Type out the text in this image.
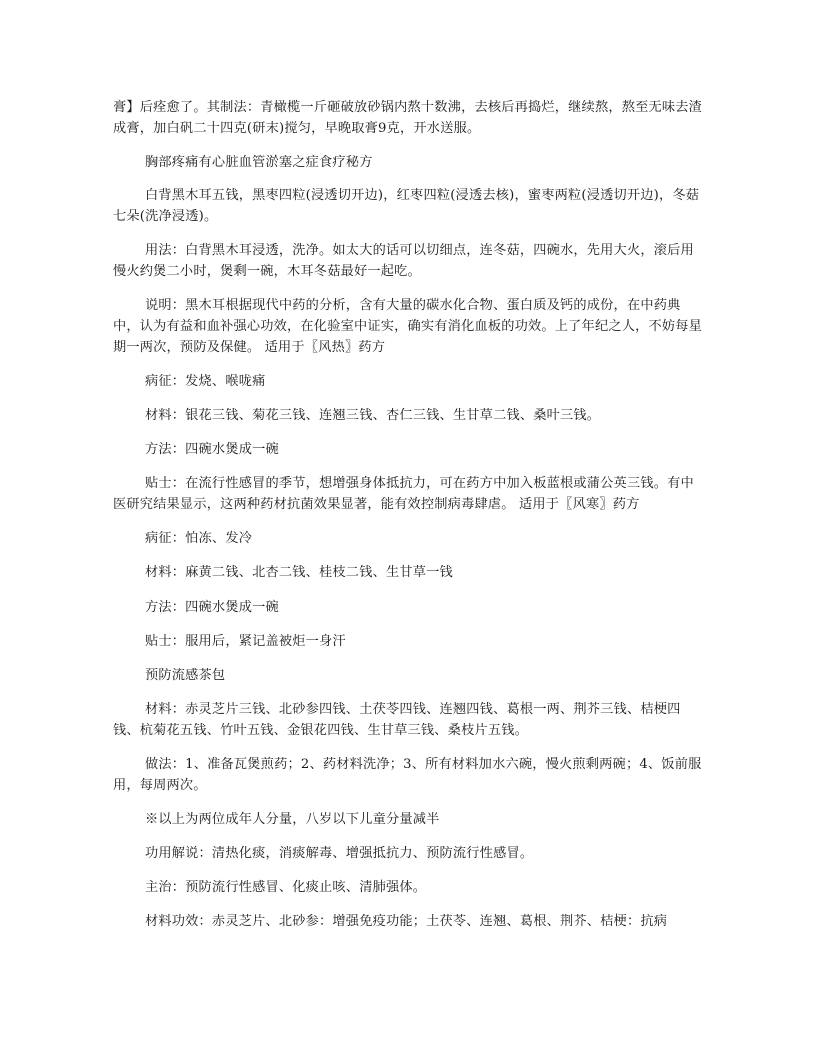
膏】后痊愈了。其制法：青橄榄一斤砸破放砂锅内熬十数沸，去核后再捣烂，继续熬，熬至无味去渣成膏，加白矾二十四克(研末)搅匀，早晚取膏9克，开水送服。

胸部疼痛有心脏血管淤塞之症食疗秘方

白背黑木耳五钱，黑枣四粒(浸透切开边)，红枣四粒(浸透去核)，蜜枣两粒(浸透切开边)，冬菇七朵(洗净浸透)。

用法：白背黑木耳浸透，洗净。如太大的话可以切细点，连冬菇，四碗水，先用大火，滚后用慢火约煲二小时，煲剩一碗，木耳冬菇最好一起吃。

说明：黑木耳根据现代中药的分析，含有大量的碳水化合物、蛋白质及钙的成份，在中药典中，认为有益和血补强心功效，在化验室中证实，确实有消化血板的功效。上了年纪之人，不妨每星期一两次，预防及保健。 适用于〖风热〗药方

病征：发烧、喉咙痛

材料：银花三钱、菊花三钱、连翘三钱、杏仁三钱、生甘草二钱、桑叶三钱。

方法：四碗水煲成一碗

贴士：在流行性感冒的季节，想增强身体抵抗力，可在药方中加入板蓝根或蒲公英三钱。有中医研究结果显示，这两种药材抗菌效果显著，能有效控制病毒肆虐。 适用于〖风寒〗药方

病征：怕冻、发冷

材料：麻黄二钱、北杏二钱、桂枝二钱、生甘草一钱

方法：四碗水煲成一碗

贴士：服用后，紧记盖被炬一身汗

预防流感茶包

材料：赤灵芝片三钱、北砂参四钱、土茯苓四钱、连翘四钱、葛根一两、荆芥三钱、桔梗四钱、杭菊花五钱、竹叶五钱、金银花四钱、生甘草三钱、桑枝片五钱。

做法：1、准备瓦煲煎药；2、药材料洗净；3、所有材料加水六碗，慢火煎剩两碗；4、饭前服用，每周两次。

※以上为两位成年人分量，八岁以下儿童分量减半

功用解说：清热化痰，消痰解毒、增强抵抗力、预防流行性感冒。

主治：预防流行性感冒、化痰止咳、清肺强体。

材料功效：赤灵芝片、北砂参：增强免疫功能；土茯苓、连翘、葛根、荆芥、桔梗：抗病
